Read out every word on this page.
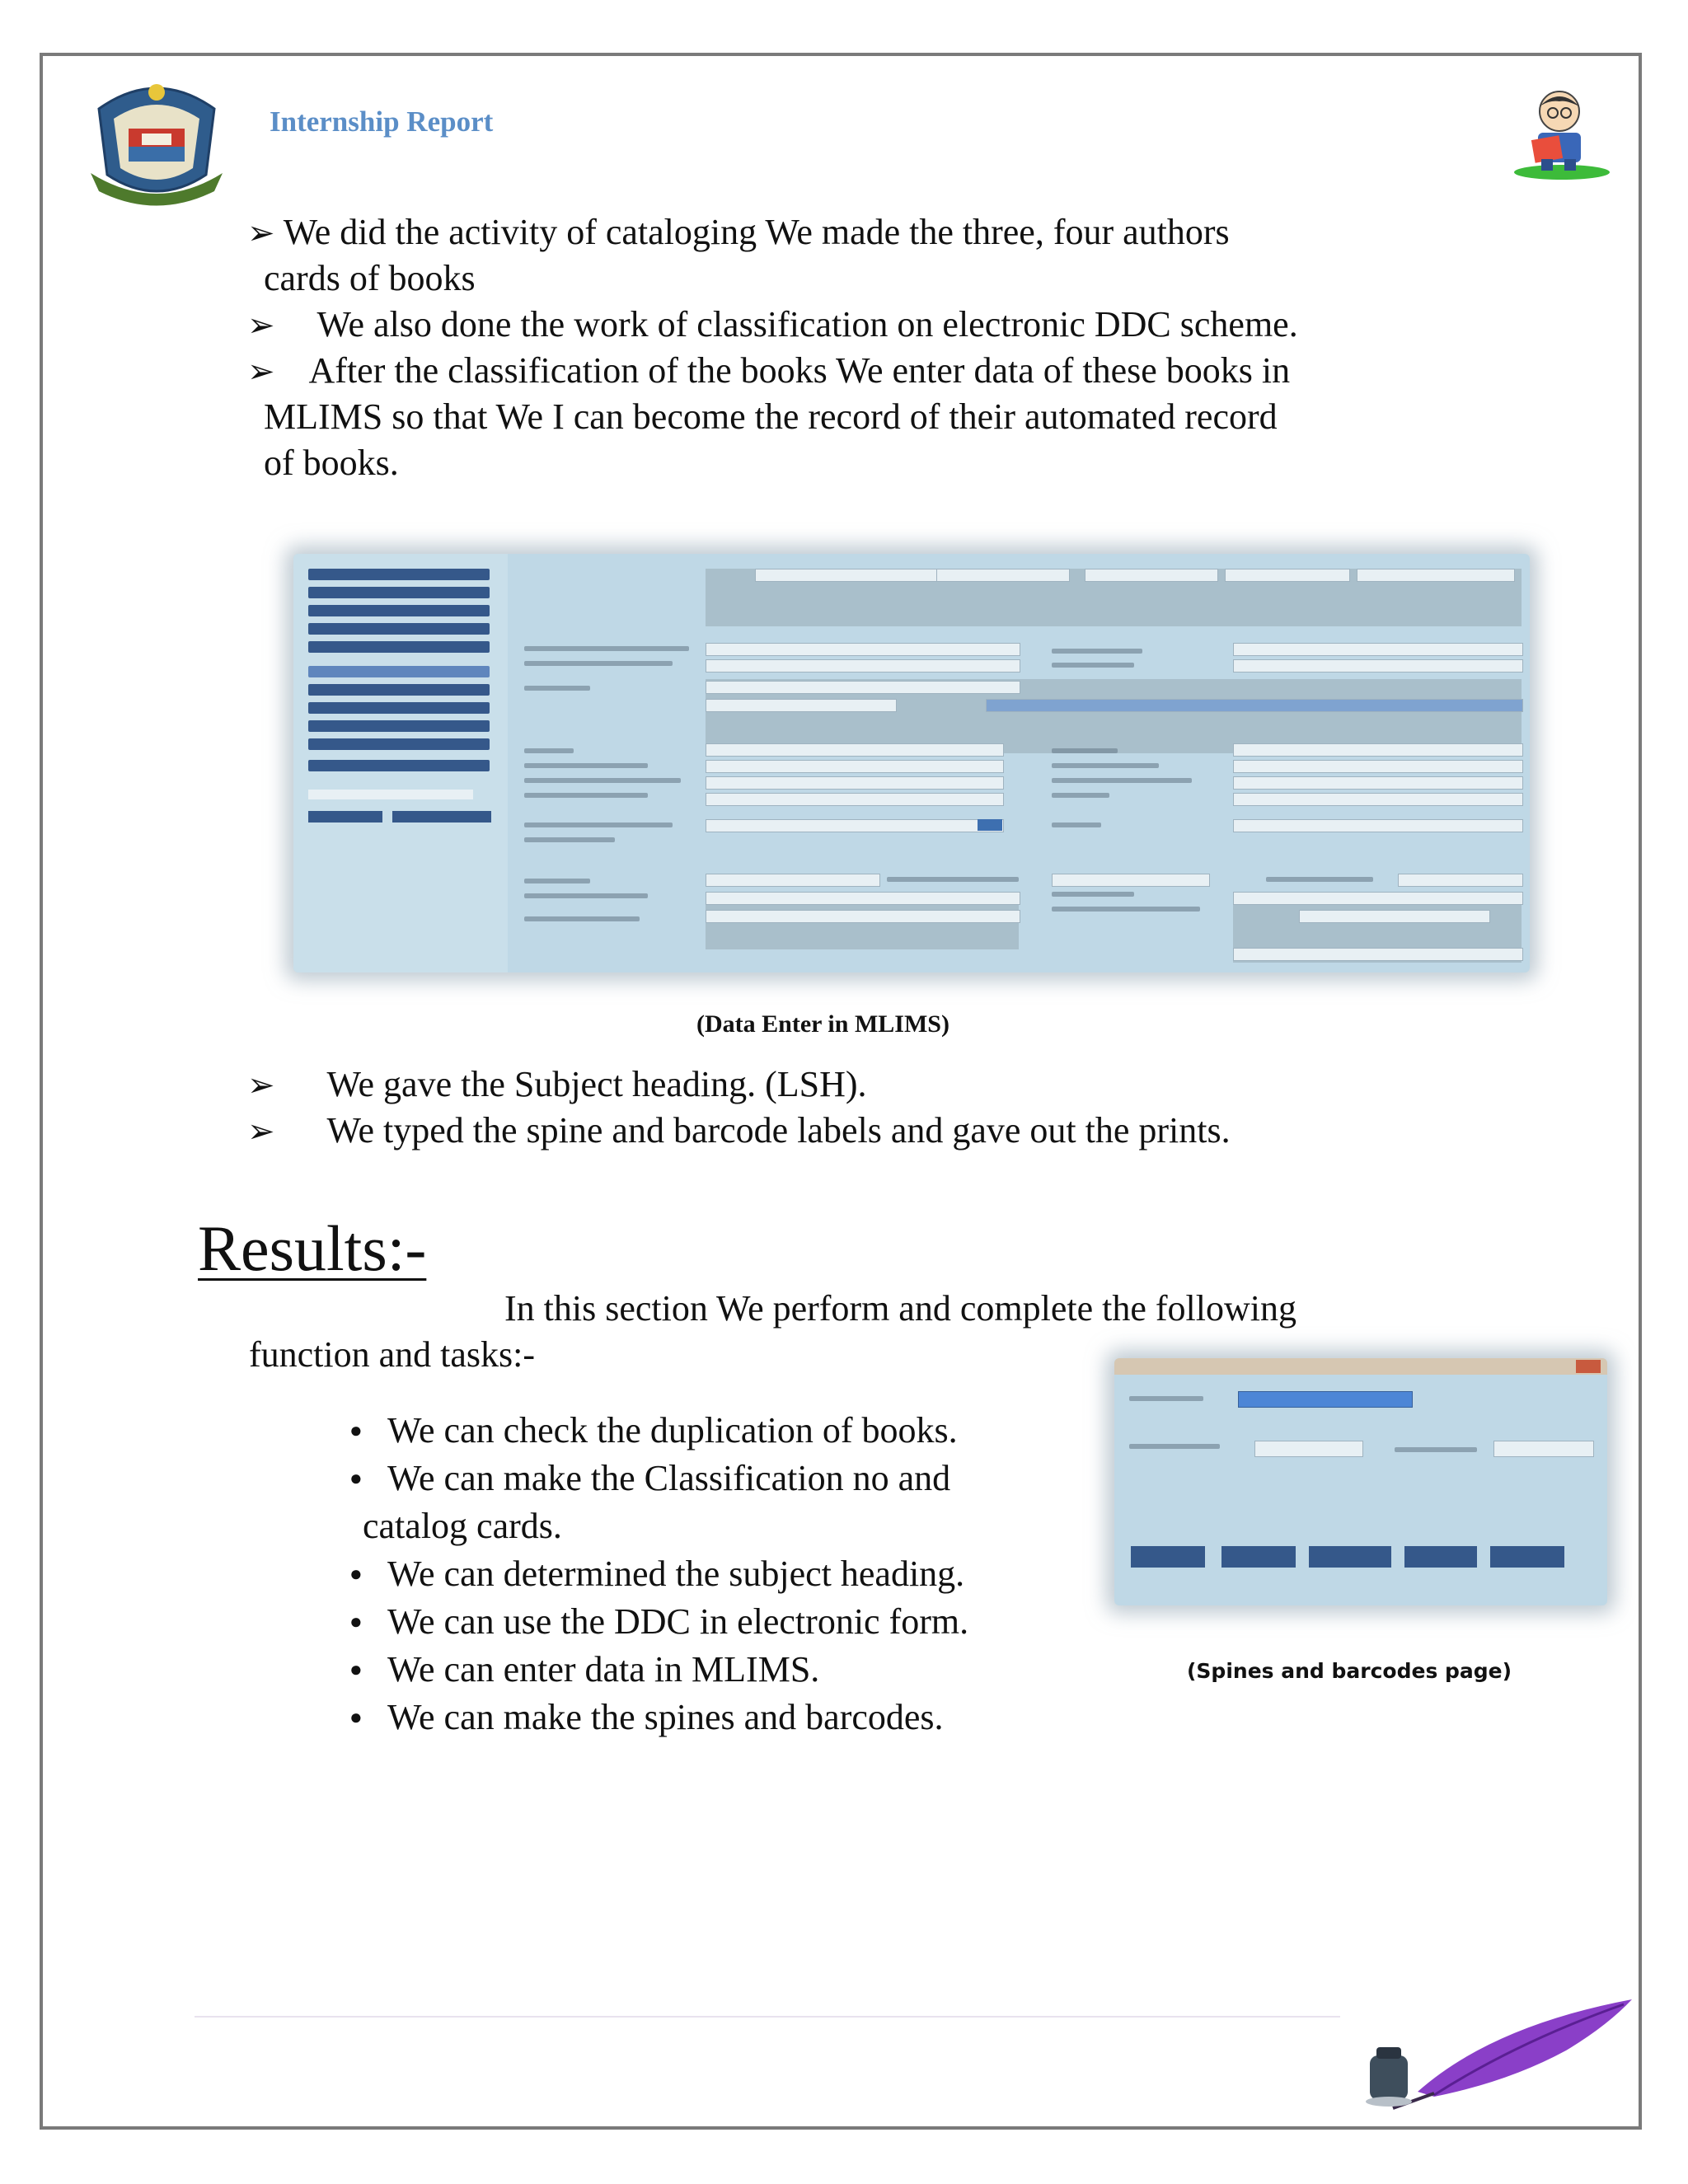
Internship Report
➢ We did the activity of cataloging We made the three, four authors
cards of books
➢ We also done the work of classification on electronic DDC scheme.
➢ After the classification of the books We enter data of these books in
MLIMS so that We I can become the record of their automated record
of books.
(Data Enter in MLIMS)
➢ We gave the Subject heading. (LSH).
➢ We typed the spine and barcode labels and gave out the prints.
Results:-
In this section We perform and complete the following
function and tasks:-
● We can check the duplication of books.
● We can make the Classification no and
catalog cards.
● We can determined the subject heading.
● We can use the DDC in electronic form.
● We can enter data in MLIMS.
● We can make the spines and barcodes.
(Spines and barcodes page)
